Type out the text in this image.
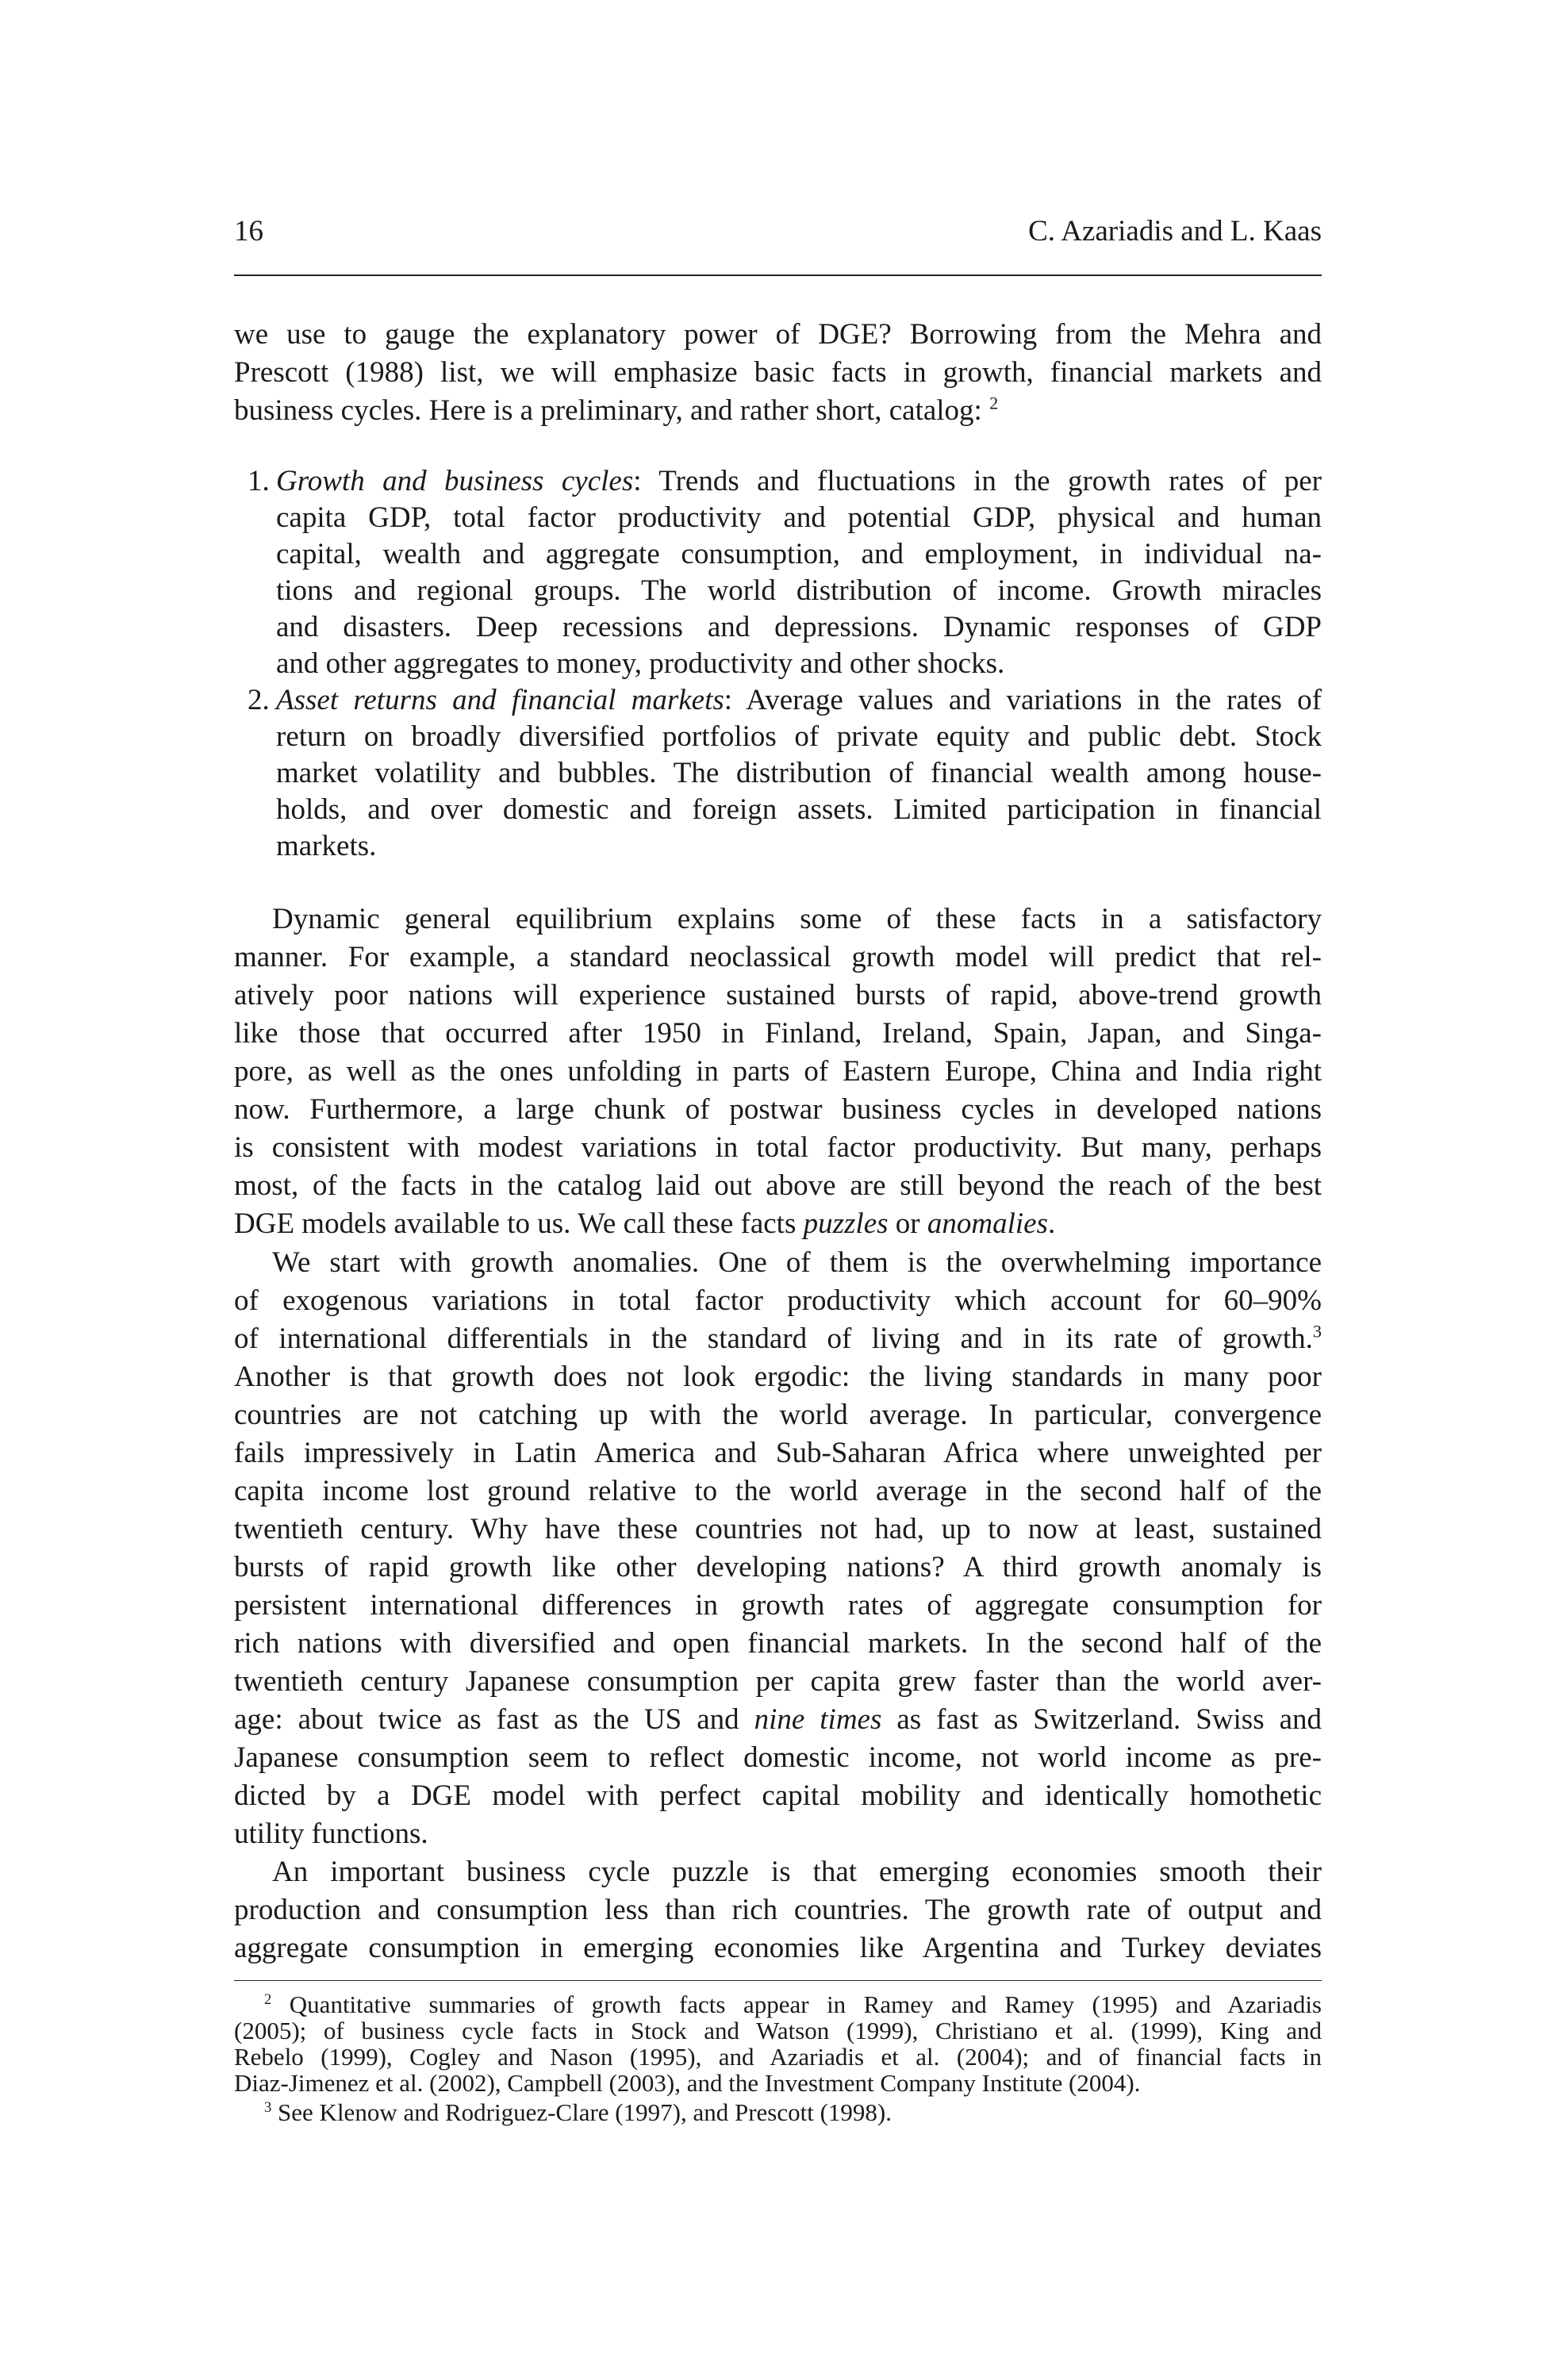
16	C. Azariadis and L. Kaas
we use to gauge the explanatory power of DGE? Borrowing from the Mehra and
Prescott (1988) list, we will emphasize basic facts in growth, financial markets and
business cycles. Here is a preliminary, and rather short, catalog: $^2$
1. Growth and business cycles: Trends and fluctuations in the growth rates of per
capita GDP, total factor productivity and potential GDP, physical and human
capital, wealth and aggregate consumption, and employment, in individual na-
tions and regional groups. The world distribution of income. Growth miracles
and disasters. Deep recessions and depressions. Dynamic responses of GDP
and other aggregates to money, productivity and other shocks.
2. Asset returns and financial markets: Average values and variations in the rates of
return on broadly diversified portfolios of private equity and public debt. Stock
market volatility and bubbles. The distribution of financial wealth among house-
holds, and over domestic and foreign assets. Limited participation in financial
markets.
Dynamic general equilibrium explains some of these facts in a satisfactory
manner. For example, a standard neoclassical growth model will predict that rel-
atively poor nations will experience sustained bursts of rapid, above-trend growth
like those that occurred after 1950 in Finland, Ireland, Spain, Japan, and Singa-
pore, as well as the ones unfolding in parts of Eastern Europe, China and India right
now. Furthermore, a large chunk of postwar business cycles in developed nations
is consistent with modest variations in total factor productivity. But many, perhaps
most, of the facts in the catalog laid out above are still beyond the reach of the best
DGE models available to us. We call these facts puzzles or anomalies.
We start with growth anomalies. One of them is the overwhelming importance
of exogenous variations in total factor productivity which account for 60–90%
of international differentials in the standard of living and in its rate of growth.$^3$
Another is that growth does not look ergodic: the living standards in many poor
countries are not catching up with the world average. In particular, convergence
fails impressively in Latin America and Sub-Saharan Africa where unweighted per
capita income lost ground relative to the world average in the second half of the
twentieth century. Why have these countries not had, up to now at least, sustained
bursts of rapid growth like other developing nations? A third growth anomaly is
persistent international differences in growth rates of aggregate consumption for
rich nations with diversified and open financial markets. In the second half of the
twentieth century Japanese consumption per capita grew faster than the world aver-
age: about twice as fast as the US and nine times as fast as Switzerland. Swiss and
Japanese consumption seem to reflect domestic income, not world income as pre-
dicted by a DGE model with perfect capital mobility and identically homothetic
utility functions.
An important business cycle puzzle is that emerging economies smooth their
production and consumption less than rich countries. The growth rate of output and
aggregate consumption in emerging economies like Argentina and Turkey deviates
$^2$ Quantitative summaries of growth facts appear in Ramey and Ramey (1995) and Azariadis
(2005); of business cycle facts in Stock and Watson (1999), Christiano et al. (1999), King and
Rebelo (1999), Cogley and Nason (1995), and Azariadis et al. (2004); and of financial facts in
Diaz-Jimenez et al. (2002), Campbell (2003), and the Investment Company Institute (2004).
$^3$ See Klenow and Rodriguez-Clare (1997), and Prescott (1998).
